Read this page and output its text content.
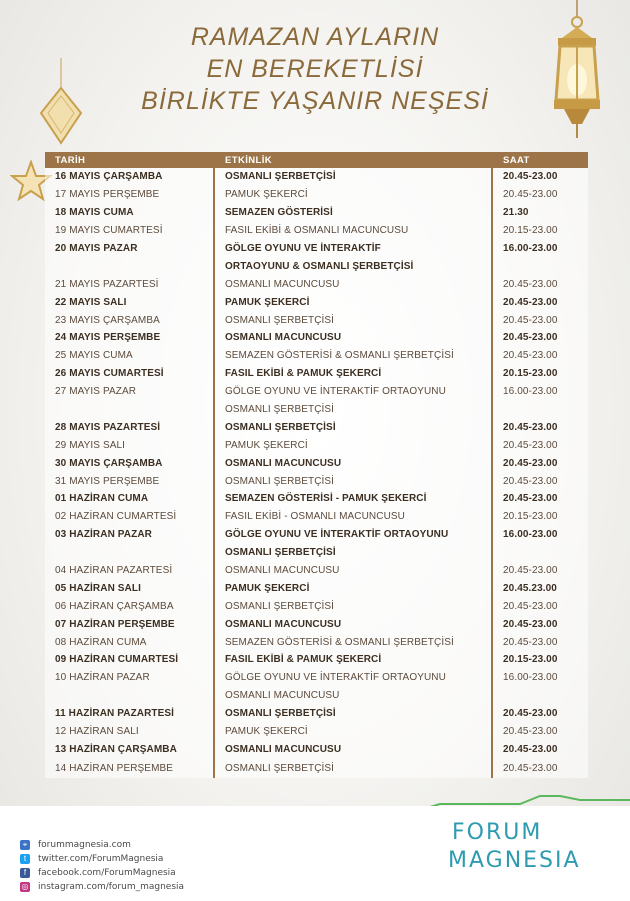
RAMAZAN AYLARIN
EN BEREKETLİSİ
BİRLİKTE YAŞANIR NEŞESİ
TARİH	ETKİNLİK	SAAT
16 MAYIS ÇARŞAMBA	OSMANLI ŞERBETÇİSİ	20.45-23.00
17 MAYIS PERŞEMBE	PAMUK ŞEKERCİ	20.45-23.00
18 MAYIS CUMA	SEMAZEN GÖSTERİSİ	21.30
19 MAYIS CUMARTESİ	FASIL EKİBİ & OSMANLI MACUNCUSU	20.15-23.00
20 MAYIS PAZAR	GÖLGE OYUNU VE İNTERAKTİF	16.00-23.00
	ORTAOYUNU & OSMANLI ŞERBETÇİSİ	
21 MAYIS PAZARTESİ	OSMANLI MACUNCUSU	20.45-23.00
22 MAYIS SALI	PAMUK ŞEKERCİ	20.45-23.00
23 MAYIS ÇARŞAMBA	OSMANLI ŞERBETÇİSİ	20.45-23.00
24 MAYIS PERŞEMBE	OSMANLI MACUNCUSU	20.45-23.00
25 MAYIS CUMA	SEMAZEN GÖSTERİSİ & OSMANLI ŞERBETÇİSİ	20.45-23.00
26 MAYIS CUMARTESİ	FASIL EKİBİ & PAMUK ŞEKERCİ	20.15-23.00
27 MAYIS PAZAR	GÖLGE OYUNU VE İNTERAKTİF ORTAOYUNU	16.00-23.00
	OSMANLI ŞERBETÇİSİ	
28 MAYIS PAZARTESİ	OSMANLI ŞERBETÇİSİ	20.45-23.00
29 MAYIS SALI	PAMUK ŞEKERCİ	20.45-23.00
30 MAYIS ÇARŞAMBA	OSMANLI MACUNCUSU	20.45-23.00
31 MAYIS PERŞEMBE	OSMANLI ŞERBETÇİSİ	20.45-23.00
01 HAZİRAN CUMA	SEMAZEN GÖSTERİSİ - PAMUK ŞEKERCİ	20.45-23.00
02 HAZİRAN CUMARTESİ	FASIL EKİBİ - OSMANLI MACUNCUSU	20.15-23.00
03 HAZİRAN PAZAR	GÖLGE OYUNU VE İNTERAKTİF ORTAOYUNU	16.00-23.00
	OSMANLI ŞERBETÇİSİ	
04 HAZİRAN PAZARTESİ	OSMANLI MACUNCUSU	20.45-23.00
05 HAZİRAN SALI	PAMUK ŞEKERCİ	20.45.23.00
06 HAZİRAN ÇARŞAMBA	OSMANLI ŞERBETÇİSİ	20.45-23.00
07 HAZİRAN PERŞEMBE	OSMANLI MACUNCUSU	20.45-23.00
08 HAZİRAN CUMA	SEMAZEN GÖSTERİSİ & OSMANLI ŞERBETÇİSİ	20.45-23.00
09 HAZİRAN CUMARTESİ	FASIL EKİBİ & PAMUK ŞEKERCİ	20.15-23.00
10 HAZİRAN PAZAR	GÖLGE OYUNU VE İNTERAKTİF ORTAOYUNU	16.00-23.00
	OSMANLI MACUNCUSU	
11 HAZİRAN PAZARTESİ	OSMANLI ŞERBETÇİSİ	20.45-23.00
12 HAZİRAN SALI	PAMUK ŞEKERCİ	20.45-23.00
13 HAZİRAN ÇARŞAMBA	OSMANLI MACUNCUSU	20.45-23.00
14 HAZİRAN PERŞEMBE	OSMANLI ŞERBETÇİSİ	20.45-23.00
⌖	forummagnesia.com
t	twitter.com/ForumMagnesia
f	facebook.com/ForumMagnesia
◎ instagram.com/forum_magnesia
FORUM
MAGNESIA
